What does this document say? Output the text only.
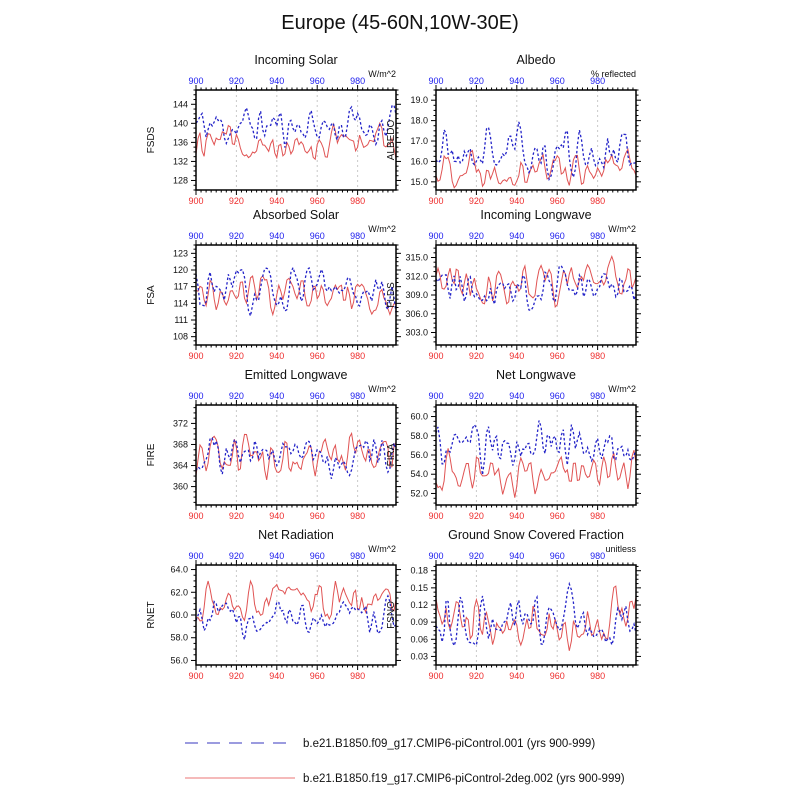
Europe (45-60N,10W-30E)
Incoming Solar
W/m^2
900
900
920
920
940
940
960
960
980
980
128
132
136
140
144
FSDS
Albedo
% reflected
900
900
920
920
940
940
960
960
980
980
15.0
16.0
17.0
18.0
19.0
ALBEDO
Absorbed Solar
W/m^2
900
900
920
920
940
940
960
960
980
980
108
111
114
117
120
123
FSA
Incoming Longwave
W/m^2
900
900
920
920
940
940
960
960
980
980
303.0
306.0
309.0
312.0
315.0
FLDS
Emitted Longwave
W/m^2
900
900
920
920
940
940
960
960
980
980
360
364
368
372
FIRE
Net Longwave
W/m^2
900
900
920
920
940
940
960
960
980
980
52.0
54.0
56.0
58.0
60.0
FIRA
Net Radiation
W/m^2
900
900
920
920
940
940
960
960
980
980
56.0
58.0
60.0
62.0
64.0
RNET
Ground Snow Covered Fraction
unitless
900
900
920
920
940
940
960
960
980
980
0.03
0.06
0.09
0.12
0.15
0.18
FSNO
b.e21.B1850.f09_g17.CMIP6-piControl.001 (yrs 900-999)
b.e21.B1850.f19_g17.CMIP6-piControl-2deg.002 (yrs 900-999)
